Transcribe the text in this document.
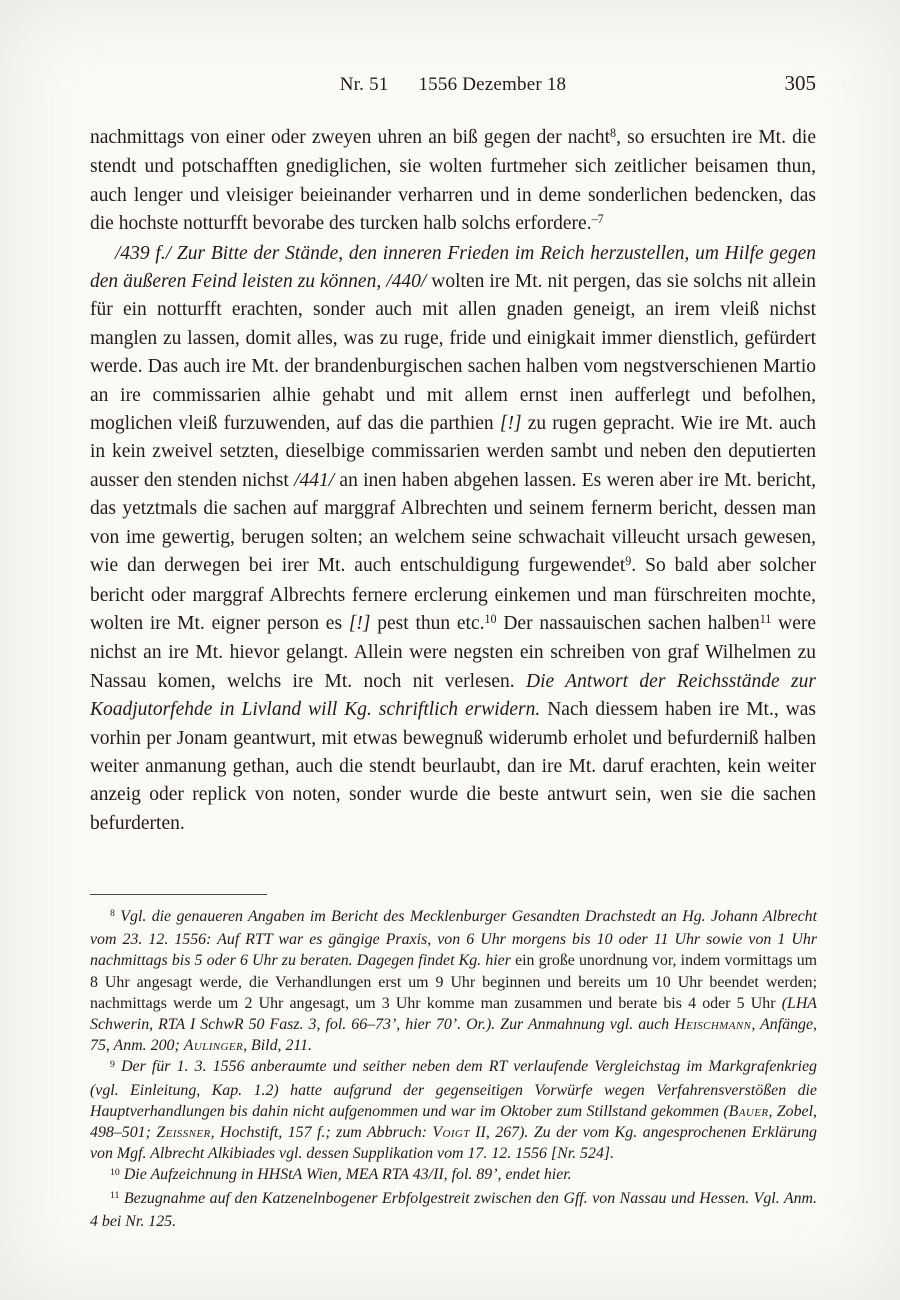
Nr. 51 1556 Dezember 18	305

nachmittags von einer oder zweyen uhren an biß gegen der nacht$^8$, so ersuchten ire Mt. die stendt und potschafften gnediglichen, sie wolten furtmeher sich zeitlicher beisamen thun, auch lenger und vleisiger beieinander verharren und in deme sonderlichen bedencken, das die hochste notturfft bevorabe des turcken halb solchs erfordere.$^{-7}$

/439 f./ Zur Bitte der Stände, den inneren Frieden im Reich herzustellen, um Hilfe gegen den äußeren Feind leisten zu können, /440/ wolten ire Mt. nit pergen, das sie solchs nit allein für ein notturfft erachten, sonder auch mit allen gnaden geneigt, an irem vleiß nichst manglen zu lassen, domit alles, was zu ruge, fride und einigkait immer dienstlich, gefürdert werde. Das auch ire Mt. der brandenburgischen sachen halben vom negstverschienen Martio an ire commissarien alhie gehabt und mit allem ernst inen aufferlegt und befolhen, moglichen vleiß furzuwenden, auf das die parthien [!] zu rugen gepracht. Wie ire Mt. auch in kein zweivel setzten, dieselbige commissarien werden sambt und neben den deputierten ausser den stenden nichst /441/ an inen haben abgehen lassen. Es weren aber ire Mt. bericht, das yetztmals die sachen auf marggraf Albrechten und seinem fernerm bericht, dessen man von ime gewertig, berugen solten; an welchem seine schwachait villeucht ursach gewesen, wie dan derwegen bei irer Mt. auch entschuldigung furgewendet$^9$. So bald aber solcher bericht oder marggraf Albrechts fernere erclerung einkemen und man fürschreiten mochte, wolten ire Mt. eigner person es [!] pest thun etc.$^{10}$ Der nassauischen sachen halben$^{11}$ were nichst an ire Mt. hievor gelangt. Allein were negsten ein schreiben von graf Wilhelmen zu Nassau komen, welchs ire Mt. noch nit verlesen. Die Antwort der Reichsstände zur Koadjutorfehde in Livland will Kg. schriftlich erwidern. Nach diessem haben ire Mt., was vorhin per Jonam geantwurt, mit etwas bewegnuß widerumb erholet und befurderniß halben weiter anmanung gethan, auch die stendt beurlaubt, dan ire Mt. daruf erachten, kein weiter anzeig oder replick von noten, sonder wurde die beste antwurt sein, wen sie die sachen befurderten.

$^8$ Vgl. die genaueren Angaben im Bericht des Mecklenburger Gesandten Drachstedt an Hg. Johann Albrecht vom 23. 12. 1556: Auf RTT war es gängige Praxis, von 6 Uhr morgens bis 10 oder 11 Uhr sowie von 1 Uhr nachmittags bis 5 oder 6 Uhr zu beraten. Dagegen findet Kg. hier ein große unordnung vor, indem vormittags um 8 Uhr angesagt werde, die Verhandlungen erst um 9 Uhr beginnen und bereits um 10 Uhr beendet werden; nachmittags werde um 2 Uhr angesagt, um 3 Uhr komme man zusammen und berate bis 4 oder 5 Uhr (LHA Schwerin, RTA I SchwR 50 Fasz. 3, fol. 66–73’, hier 70’. Or.). Zur Anmahnung vgl. auch Heischmann, Anfänge, 75, Anm. 200; Aulinger, Bild, 211.

$^9$ Der für 1. 3. 1556 anberaumte und seither neben dem RT verlaufende Vergleichstag im Markgrafenkrieg (vgl. Einleitung, Kap. 1.2) hatte aufgrund der gegenseitigen Vorwürfe wegen Verfahrensverstößen die Hauptverhandlungen bis dahin nicht aufgenommen und war im Oktober zum Stillstand gekommen (Bauer, Zobel, 498–501; Zeissner, Hochstift, 157 f.; zum Abbruch: Voigt II, 267). Zu der vom Kg. angesprochenen Erklärung von Mgf. Albrecht Alkibiades vgl. dessen Supplikation vom 17. 12. 1556 [Nr. 524].

$^{10}$ Die Aufzeichnung in HHStA Wien, MEA RTA 43/II, fol. 89’, endet hier.

$^{11}$ Bezugnahme auf den Katzenelnbogener Erbfolgestreit zwischen den Gff. von Nassau und Hessen. Vgl. Anm. 4 bei Nr. 125.
